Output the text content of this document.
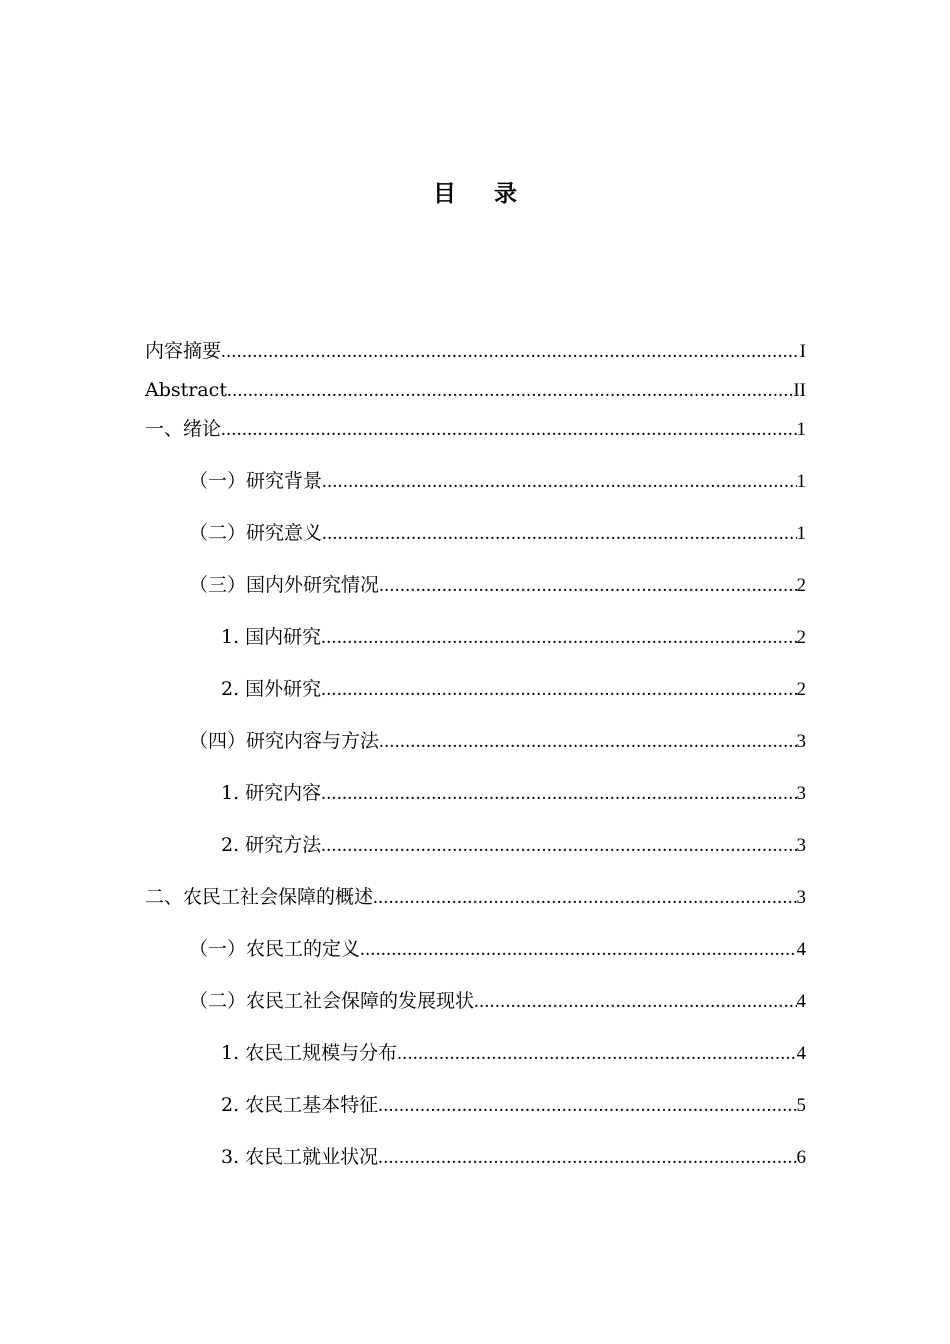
目录
内容摘要 .....	I
Abstract .....	II
一、绪论 .....	1
（一）研究背景 .....	1
（二）研究意义 .....	1
（三）国内外研究情况 .....	2
1. 国内研究 .....	2
2. 国外研究 .....	2
（四）研究内容与方法 .....	3
1. 研究内容 .....	3
2. 研究方法 .....	3
二、农民工社会保障的概述 .....	3
（一）农民工的定义 .....	4
（二）农民工社会保障的发展现状 .....	4
1. 农民工规模与分布 .....	4
2. 农民工基本特征 .....	5
3. 农民工就业状况 .....	6
